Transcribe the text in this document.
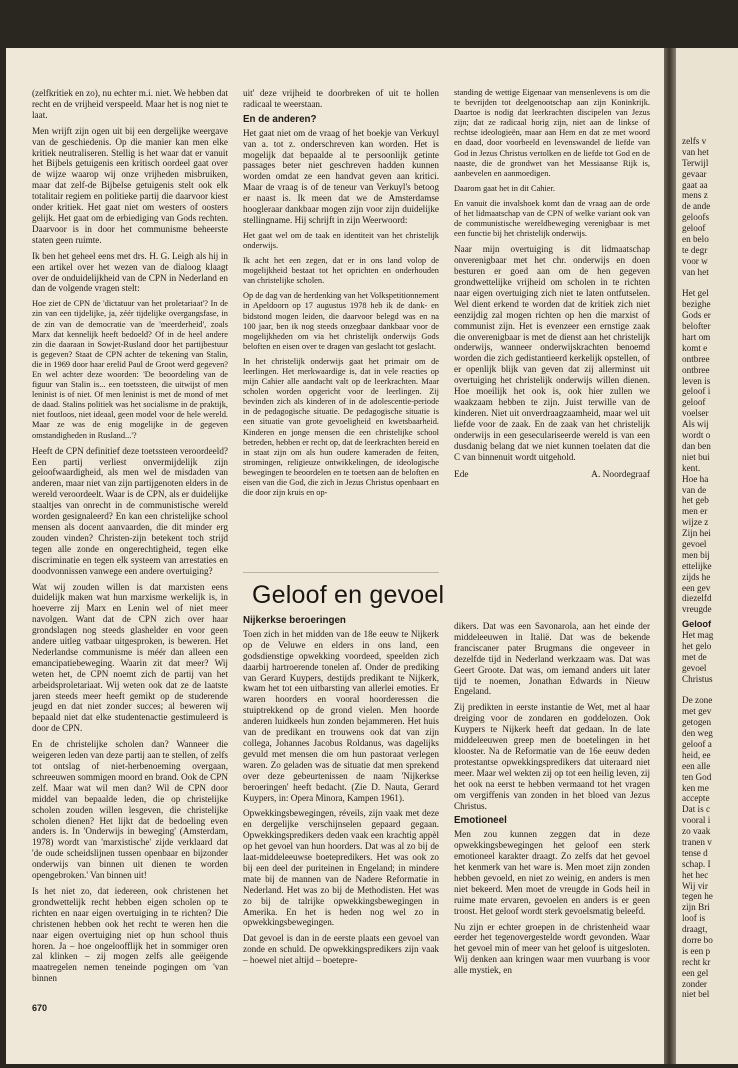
zelfs v
van het
Terwijl
gevaar
gaat aa
mens z
de ande
geloofs
geloof
en belo
te degr
voor w
van het
Het gel
bezighe
Gods er
belofter
hart om
komt e
ontbree
ontbree
leven is
geloof i
geloof
voelser
Als wij
wordt o
dan ben
niet bui
kent.
Hoe ha
van de
het geb
men er
wijze z
Zijn hei
gevoel
men bij
ettelijke
zijds he
een gev
diezelfd
vreugde
Geloof
Het mag
het gelo
met de
gevoel
Christus
De zone
met gev
getogen
den weg
geloof a
heid, ee
een alle
ten God
ken me
accepte
Dat is c
vooral i
zo vaak
tranen v
tense d
schap. I
het hec
Wij vir
tegen he
zijn Bri
loof is
draagt,
dorre bo
is een p
recht kr
een gel
zonder
niet bel

(zelfkritiek en zo), nu echter m.i. niet. We hebben dat recht en de vrijheid verspeeld. Maar het is nog niet te laat.

Men wrijft zijn ogen uit bij een dergelijke weergave van de geschiedenis. Op die manier kan men elke kritiek neutraliseren. Stellig is het waar dat er vanuit het Bijbels getuigenis een kritisch oordeel gaat over de wijze waarop wij onze vrijheden misbruiken, maar dat zelf-de Bijbelse getuigenis stelt ook elk totalitair regiem en politieke partij die daarvoor kiest onder kritiek. Het gaat niet om westers of oosters gelijk. Het gaat om de erbiediging van Gods rechten. Daarvoor is in door het communisme beheerste staten geen ruimte.

Ik ben het geheel eens met drs. H. G. Leigh als hij in een artikel over het wezen van de dialoog klaagt over de onduidelijkheid van de CPN in Nederland en dan de volgende vragen stelt:

Hoe ziet de CPN de 'dictatuur van het proletariaat'? In de zin van een tijdelijke, ja, zéér tijdelijke overgangsfase, in de zin van de democratie van de 'meerderheid', zoals Marx dat kennelijk heeft bedoeld? Of in de heel andere zin die daaraan in Sowjet-Rusland door het partijbestuur is gegeven? Staat de CPN achter de tekening van Stalin, die in 1969 door haar erelid Paul de Groot werd gegeven? En wel achter deze woorden: 'De beoordeling van de figuur van Stalin is... een toetssteen, die uitwijst of men leninist is of niet. Of men leninist is met de mond of met de daad. Stalins politiek was het socialisme in de praktijk, niet foutloos, niet ideaal, geen model voor de hele wereld. Maar ze was de enig mogelijke in de gegeven omstandigheden in Rusland...'?

Heeft de CPN definitief deze toetssteen veroordeeld? Een partij verliest onvermijdelijk zijn geloofwaardigheid, als men wel de misdaden van anderen, maar niet van zijn partijgenoten elders in de wereld veroordeelt. Waar is de CPN, als er duidelijke staaltjes van onrecht in de communistische wereld worden gesignaleerd? En kan een christelijke school mensen als docent aanvaarden, die dit minder erg zouden vinden? Christen-zijn betekent toch strijd tegen alle zonde en ongerechtigheid, tegen elke discriminatie en tegen elk systeem van arrestaties en doodvonnissen vanwege een andere overtuiging?

Wat wij zouden willen is dat marxisten eens duidelijk maken wat hun marxisme werkelijk is, in hoeverre zij Marx en Lenin wel of niet meer navolgen. Want dat de CPN zich over haar grondslagen nog steeds glashelder en voor geen andere uitleg vatbaar uitgesproken, is beweren. Het Nederlandse communisme is méér dan alleen een emancipatiebeweging. Waarin zit dat meer? Wij weten het, de CPN noemt zich de partij van het arbeidsproletariaat. Wij weten ook dat ze de laatste jaren steeds meer heeft gemikt op de studerende jeugd en dat niet zonder succes; al beweren wij bepaald niet dat elke studentenactie gestimuleerd is door de CPN.

En de christelijke scholen dan? Wanneer die weigeren leden van deze partij aan te stellen, of zelfs tot ontslag of niet-herbenoeming overgaan, schreeuwen sommigen moord en brand. Ook de CPN zelf. Maar wat wil men dan? Wil de CPN door middel van bepaalde leden, die op christelijke scholen zouden willen lesgeven, die christelijke scholen dienen? Het lijkt dat de bedoeling even anders is. In 'Onderwijs in beweging' (Amsterdam, 1978) wordt van 'marxistische' zijde verklaard dat 'de oude scheidslijnen tussen openbaar en bijzonder onderwijs van binnen uit dienen te worden opengebroken.' Van binnen uit!

Is het niet zo, dat iedereen, ook christenen het grondwettelijk recht hebben eigen scholen op te richten en naar eigen overtuiging in te richten? Die christenen hebben ook het recht te weren hen die naar eigen overtuiging niet op hun school thuis horen. Ja – hoe ongeloofflijk het in sommiger oren zal klinken – zij mogen zelfs alle geëigende maatregelen nemen teneinde pogingen om 'van binnen

uit' deze vrijheid te doorbreken of uit te hollen radicaal te weerstaan.

En de anderen?

Het gaat niet om de vraag of het boekje van Verkuyl van a. tot z. onderschreven kan worden. Het is mogelijk dat bepaalde al te persoonlijk getinte passages beter niet geschreven hadden kunnen worden omdat ze een handvat geven aan kritici. Maar de vraag is of de teneur van Verkuyl's betoog er naast is. Ik meen dat we de Amsterdamse hoogleraar dankbaar mogen zijn voor zijn duidelijke stellingname. Hij schrijft in zijn Weerwoord:

Het gaat wel om de taak en identiteit van het christelijk onderwijs.

Ik acht het een zegen, dat er in ons land volop de mogelijkheid bestaat tot het oprichten en onderhouden van christelijke scholen.

Op de dag van de herdenking van het Volkspetitionnement in Apeldoorn op 17 augustus 1978 heb ik de dank- en bidstond mogen leiden, die daarvoor belegd was en na 100 jaar, ben ik nog steeds onzegbaar dankbaar voor de mogelijkheden om via het christelijk onderwijs Gods beloften en eisen over te dragen van geslacht tot geslacht.

In het christelijk onderwijs gaat het primair om de leerlingen. Het merkwaardige is, dat in vele reacties op mijn Cahier alle aandacht valt op de leerkrachten. Maar scholen worden opgericht voor de leerlingen. Zij bevinden zich als kinderen of in de adolescentie-periode in de pedagogische situatie. De pedagogische situatie is een situatie van grote gevoeligheid en kwetsbaarheid. Kinderen en jonge mensen die een christelijke school betreden, hebben er recht op, dat de leerkrachten bereid en in staat zijn om als hun oudere kameraden de feiten, stromingen, religieuze ontwikkelingen, de ideologische bewegingen te beoordelen en te toetsen aan de beloften en eisen van die God, die zich in Jezus Christus openbaart en die door zijn kruis en op-

standing de wettige Eigenaar van mensenlevens is om die te bevrijden tot deelgenootschap aan zijn Koninkrijk. Daartoe is nodig dat leerkrachten discipelen van Jezus zijn; dat ze radicaal horig zijn, niet aan de linkse of rechtse ideologieën, maar aan Hem en dat ze met woord en daad, door voorbeeld en levenswandel de liefde van God in Jezus Christus vertolken en de liefde tot God en de naaste, die de grondwet van het Messiaanse Rijk is, aanbevelen en aanmoedigen.

Daarom gaat het in dit Cahier.

En vanuit die invalshoek komt dan de vraag aan de orde of het lidmaatschap van de CPN of welke variant ook van de communistische wereldbeweging verenigbaar is met een functie bij het christelijk onderwijs.

Naar mijn overtuiging is dit lidmaatschap onverenigbaar met het chr. onderwijs en doen besturen er goed aan om de hen gegeven grondwettelijke vrijheid om scholen in te richten naar eigen overtuiging zich niet te laten ontfutselen. Wel dient erkend te worden dat de kritiek zich niet eenzijdig zal mogen richten op hen die marxist of communist zijn. Het is evenzeer een ernstige zaak die onverenigbaar is met de dienst aan het christelijk onderwijs, wanneer onderwijskrachten benoemd worden die zich gedistantieerd kerkelijk opstellen, of er openlijk blijk van geven dat zij allerminst uit overtuiging het christelijk onderwijs willen dienen. Hoe moeilijk het ook is, ook hier zullen we waakzaam hebben te zijn. Juist terwille van de kinderen. Niet uit onverdraagzaamheid, maar wel uit liefde voor de zaak. En de zaak van het christelijk onderwijs in een geseculariseerde wereld is van een dusdanig belang dat we niet kunnen toelaten dat die C van binnenuit wordt uitgehold.

Ede	A. Noordegraaf
Geloof en gevoel
Nijkerkse beroeringen

Toen zich in het midden van de 18e eeuw te Nijkerk op de Veluwe en elders in ons land, een godsdienstige opwekking voordeed, speelden zich daarbij hartroerende tonelen af. Onder de prediking van Gerard Kuypers, destijds predikant te Nijkerk, kwam het tot een uitbarsting van allerlei emoties. Er waren hoorders en vooral hoorderessen die stuiptrekkend op de grond vielen. Men hoorde anderen luidkeels hun zonden bejammeren. Het huis van de predikant en trouwens ook dat van zijn collega, Johannes Jacobus Roldanus, was dagelijks gevuld met mensen die om hun pastoraat verlegen waren. Zo geladen was de situatie dat men sprekend over deze gebeurtenissen de naam 'Nijkerkse beroeringen' heeft bedacht. (Zie D. Nauta, Gerard Kuypers, in: Opera Minora, Kampen 1961).

Opwekkingsbewegingen, réveils, zijn vaak met deze en dergelijke verschijnselen gepaard gegaan. Opwekkingspredikers deden vaak een krachtig appèl op het gevoel van hun hoorders. Dat was al zo bij de laat-middeleeuwse boetepredikers. Het was ook zo bij een deel der puriteinen in Engeland; in mindere mate bij de mannen van de Nadere Reformatie in Nederland. Het was zo bij de Methodisten. Het was zo bij de talrijke opwekkingsbewegingen in Amerika. En het is heden nog wel zo in opwekkingsbewegingen.

Dat gevoel is dan in de eerste plaats een gevoel van zonde en schuld. De opwekkingspredikers zijn vaak – hoewel niet altijd – boetepre-

dikers. Dat was een Savonarola, aan het einde der middeleeuwen in Italië. Dat was de bekende franciscaner pater Brugmans die ongeveer in dezelfde tijd in Nederland werkzaam was. Dat was Geert Groote. Dat was, om iemand anders uit later tijd te noemen, Jonathan Edwards in Nieuw Engeland.

Zij predikten in eerste instantie de Wet, met al haar dreiging voor de zondaren en goddelozen. Ook Kuypers te Nijkerk heeft dat gedaan. In de late middeleeuwen greep men de boetelingen in het klooster. Na de Reformatie van de 16e eeuw deden protestantse opwekkingspredikers dat uiteraard niet meer. Maar wel wekten zij op tot een heilig leven, zij het ook na eerst te hebben vermaand tot het vragen om vergiffenis van zonden in het bloed van Jezus Christus.

Emotioneel

Men zou kunnen zeggen dat in deze opwekkingsbewegingen het geloof een sterk emotioneel karakter draagt. Zo zelfs dat het gevoel het kenmerk van het ware is. Men moet zijn zonden hebben gevoeld, en niet zo weinig, en anders is men niet bekeerd. Men moet de vreugde in Gods heil in ruime mate ervaren, gevoelen en anders is er geen troost. Het geloof wordt sterk gevoelsmatig beleefd.

Nu zijn er echter groepen in de christenheid waar eerder het tegenovergestelde wordt gevonden. Waar het gevoel min of meer van het geloof is uitgesloten. Wij denken aan kringen waar men vuurbang is voor alle mystiek, en

670
